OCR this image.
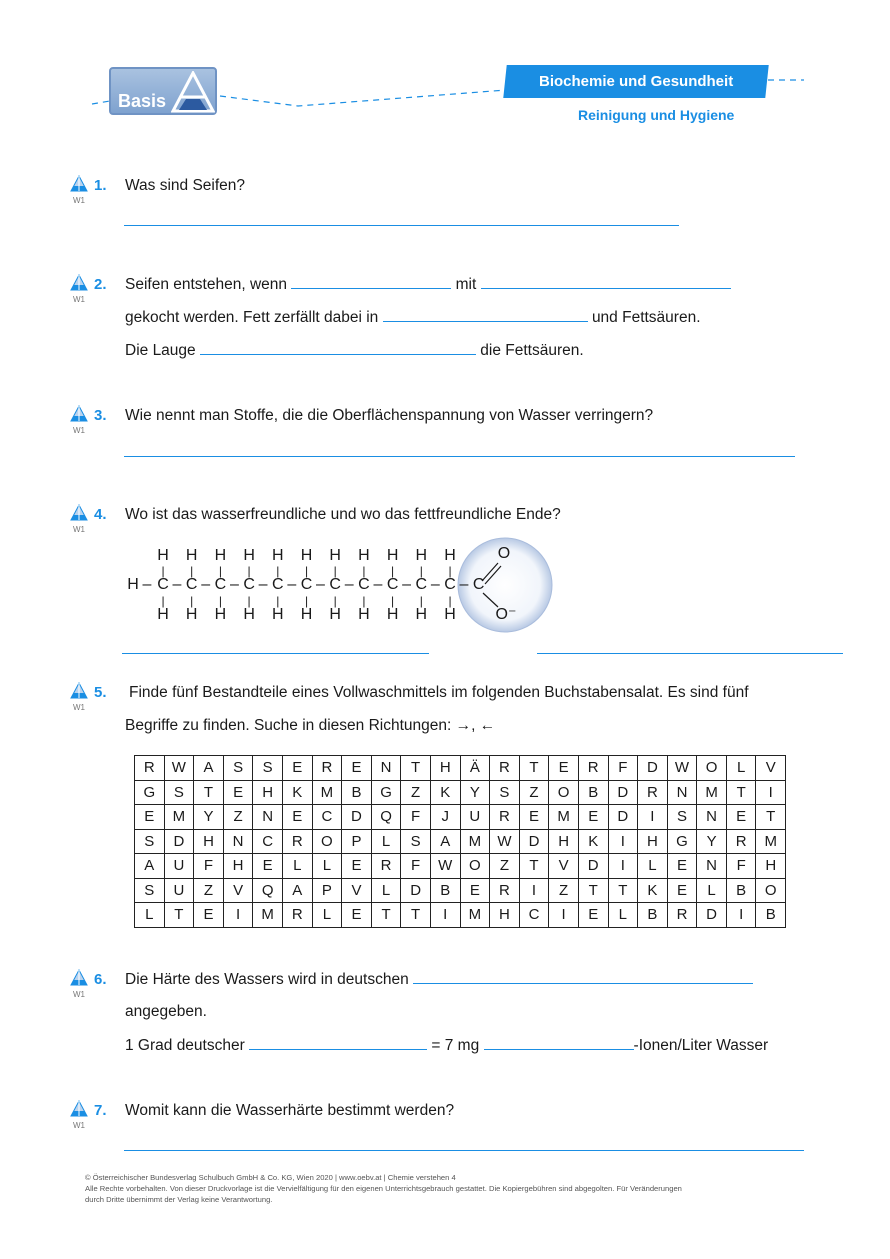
Basis
Biochemie und Gesundheit
Reinigung und Hygiene
W1
1. Was sind Seifen?
W1
2. Seifen entstehen, wenn	mit
gekocht werden. Fett zerfällt dabei in	und Fettsäuren.
Die Lauge	die Fettsäuren.
W1
3. Wie nennt man Stoffe, die die Oberflächenspannung von Wasser verringern?
W1
4. Wo ist das wasserfreundliche und wo das fettfreundliche Ende?
H – C
H
H
|
|
– C
H
H
|
|
– C
H
H
|
|
– C
H
H
|
|
– C
H
H
|
|
– C
H
H
|
|
– C
H
H
|
|
– C
H
H
|
|
– C
H
H
|
|
– C
H
H
|
|
– C
H
H
|
|
– C
O
O⁻
W1
5. Finde fünf Bestandteile eines Vollwaschmittels im folgenden Buchstabensalat. Es sind fünf
Begriffe zu finden. Suche in diesen Richtungen: →, ←
R	W	A	S	S	E	R	E	N	T	H	Ä	R	T	E	R	F	D	W	O	L	V
G	S	T	E	H	K	M	B	G	Z	K	Y	S	Z	O	B	D	R	N	M	T	I
E	M	Y	Z	N	E	C	D	Q	F	J	U	R	E	M	E	D	I	S	N	E	T
S	D	H	N	C	R	O	P	L	S	A	M	W	D	H	K	I	H	G	Y	R	M
A	U	F	H	E	L	L	E	R	F	W	O	Z	T	V	D	I	L	E	N	F	H
S	U	Z	V	Q	A	P	V	L	D	B	E	R	I	Z	T	T	K	E	L	B	O
L	T	E	I	M	R	L	E	T	T	I	M	H	C	I	E	L	B	R	D	I	B
W1
6. Die Härte des Wassers wird in deutschen
angegeben.
1 Grad deutscher	= 7 mg	-Ionen/Liter Wasser
W1
7. Womit kann die Wasserhärte bestimmt werden?
© Österreichischer Bundesverlag Schulbuch GmbH & Co. KG, Wien 2020 | www.oebv.at | Chemie verstehen 4
Alle Rechte vorbehalten. Von dieser Druckvorlage ist die Vervielfältigung für den eigenen Unterrichtsgebrauch gestattet. Die Kopiergebühren sind abgegolten. Für Veränderungen
durch Dritte übernimmt der Verlag keine Verantwortung.
